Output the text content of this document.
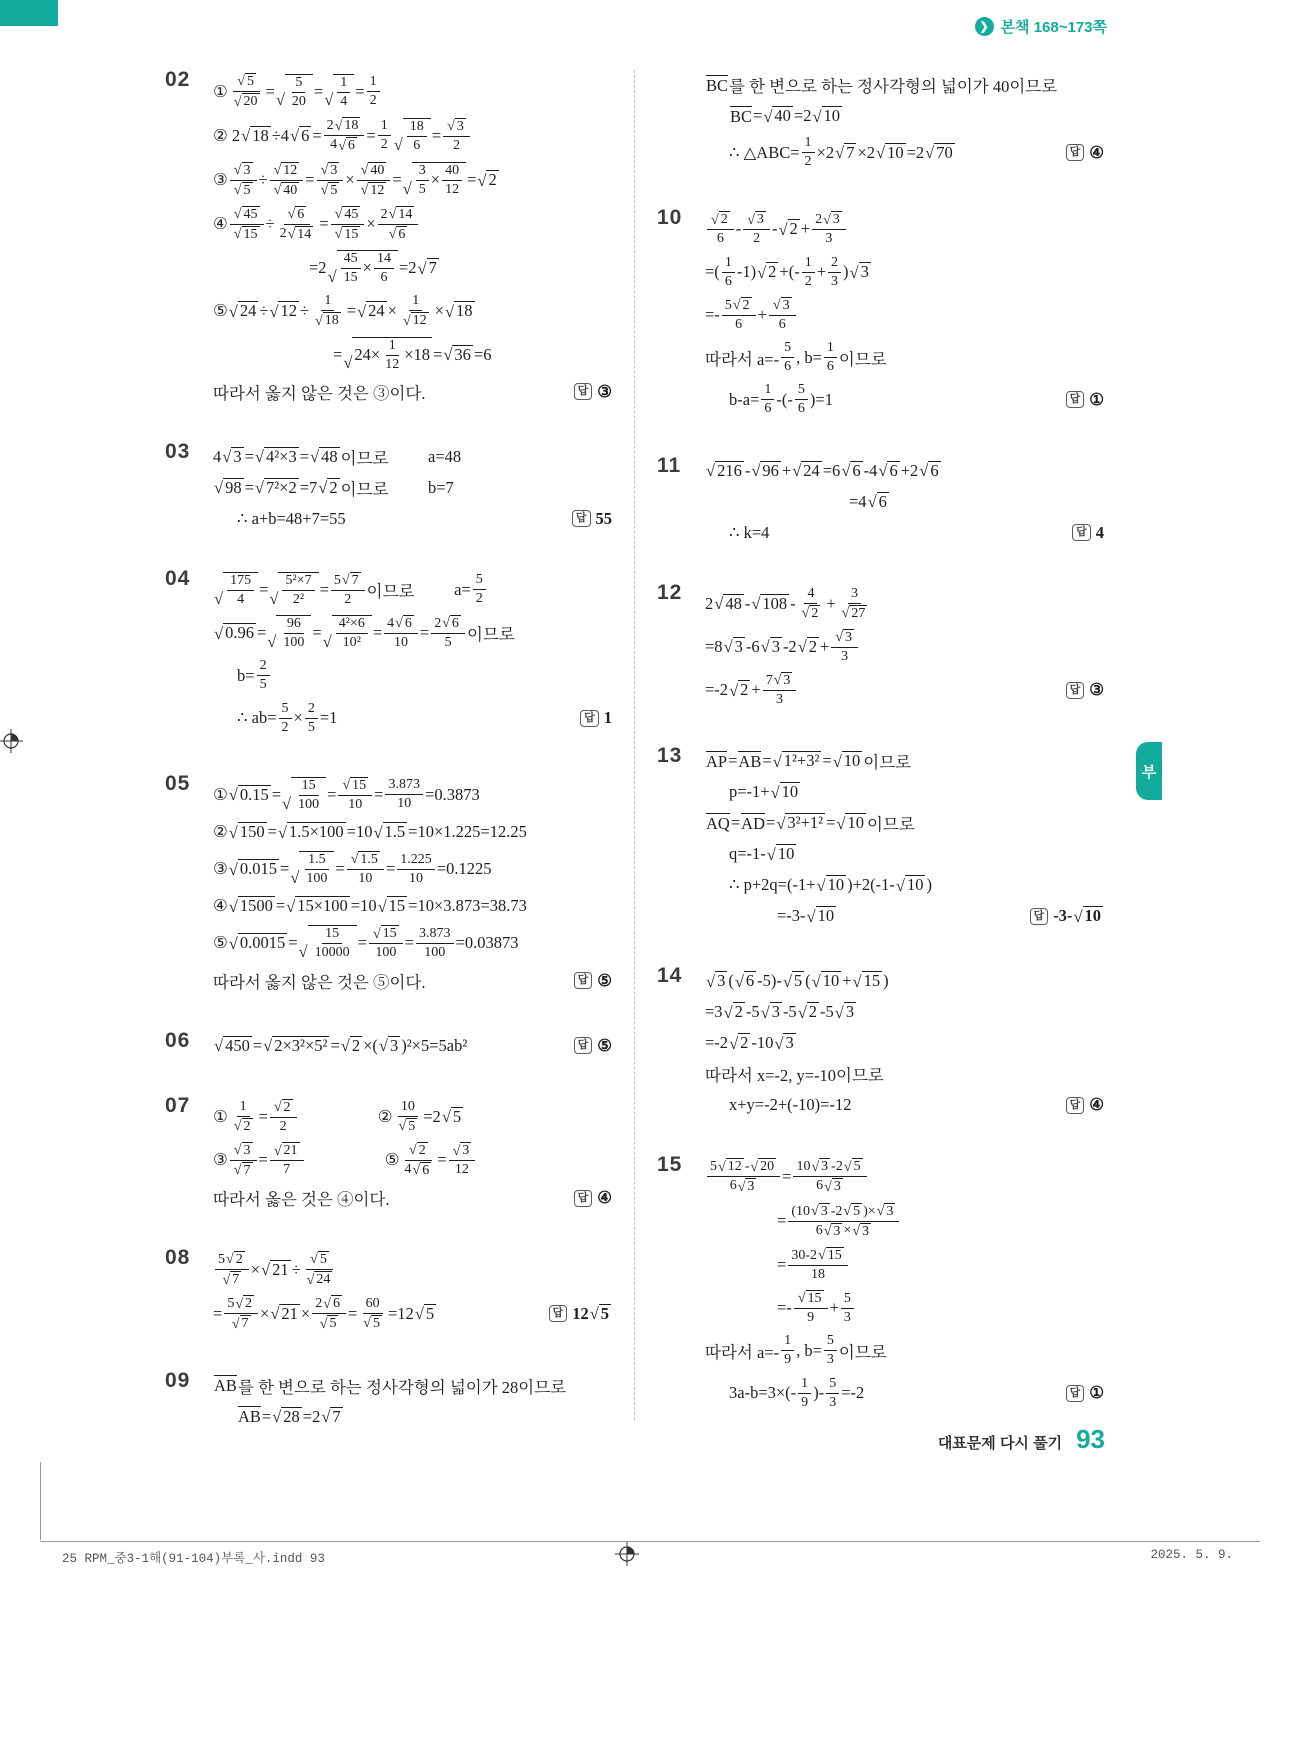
❯ 본책 168~173쪽
02
① $\frac{√ 5}{√ 20}$ = √ $\frac{5}{20}$ = √ $\frac{1}{4} = \frac{1}{2}$
② 2 √ 18 ÷4 √ $6 = \frac{2 √ 18}{4 √ 6} = \frac{1}{2}$ √ $\frac{18}{6} = \frac{√ 3}{2}$
③ $\frac{√ 3}{√ 5} \div \frac{√ 12}{√ 40} = \frac{√ 3}{√ 5} \times \frac{√ 40}{√ 12}$ = √ $\frac{3}{5} \times \frac{40}{12}$ = √ 2
④ $\frac{√ 45}{√ 15} \div \frac{√ 6}{2 √ 14} = \frac{√ 45}{√ 15} \times \frac{2 √ 14}{√ 6}$
=2 √ $\frac{45}{15} \times \frac{14}{6} =2$ √ 7
⑤ √ 24 ÷ √ $12 \div \frac{1}{√ 18}$ = √ $24 \times \frac{1}{√ 12}$ × √ 18
= √ $24\times \frac{1}{12} \times 18$ = √ 36 =6
따라서 옳지 않은 것은 ③이다.	답 ③
03	4 √ 3 = √ 4²×3 = √ 48 이므로
a=48
√ 98 = √ 7²×2 =7 √ 2 이므로
b=7
∴ a+b=48+7=55	답 55
04
√ $\frac{175}{4}$ = √ $\frac{\text{5²×7}}{\text{2²}} = \frac{5 √ 7}{2}$ 이므로
$a= \frac{5}{2}$
√ 0.96 = √ $\frac{96}{100}$ = √ $\frac{\text{4²×6}}{\text{10²}} = \frac{4 √ 6}{10} = \frac{2 √ 6}{5}$ 이므로
$b= \frac{2}{5}$
∴ $ab= \frac{5}{2} \times \frac{2}{5} =1$	답 1
05	① √ 0.15 = √ $\frac{15}{100} = \frac{√ 15}{10} = \frac{3.873}{10} =0.3873$
② √ 150 = √ 1.5×100 =10 √ 1.5 =10×1.225=12.25
③ √ 0.015 = √ $\frac{1.5}{100} = \frac{√ 1.5}{10} = \frac{1.225}{10} =0.1225$
④ √ 1500 = √ 15×100 =10 √ 15 =10×3.873=38.73
⑤ √ 0.0015 = √ $\frac{15}{10000} = \frac{√ 15}{100} = \frac{3.873}{100} =0.03873$
따라서 옳지 않은 것은 ⑤이다.	답 ⑤
06	√ 450 = √ 2×3²×5² = √ 2 ×( √ 3 )²×5=5ab²	답 ⑤
07	① $\frac{1}{√ 2} = \frac{√ 2}{2}$	② $\frac{10}{√ 5} =2$ √ 5
③ $\frac{√ 3}{√ 7} = \frac{√ 21}{7}$	⑤ $\frac{√ 2}{4 √ 6} = \frac{√ 3}{12}$
따라서 옳은 것은 ④이다.	답 ④
08	$\frac{5 √ 2}{√ 7}$ × √ $21 \div \frac{√ 5}{√ 24}$
= $\frac{5 √ 2}{√ 7}$ × √ $21 \times \frac{2 √ 6}{√ 5} = \frac{60}{√ 5} =12$ √ 5	답 12 √ 5
09	AB 를 한 변으로 하는 정사각형의 넓이가 28이므로
AB = √ 28 =2 √ 7
BC 를 한 변으로 하는 정사각형의 넓이가 40이므로
BC = √ 40 =2 √ 10
∴ △ABC= $\frac{1}{2} \times 2$ √ 7 ×2 √ 10 =2 √ 70	답 ④
10	$\frac{√ 2}{6} - \frac{√ 3}{2}$ - √ $2 + \frac{2 √ 3}{3}$
=( $\frac{1}{6} -1$) √ 2 +(- $\frac{1}{2} + \frac{2}{3}$ ) √ 3
=- $\frac{5 √ 2}{6} + \frac{√ 3}{6}$
따라서 $a=- \frac{5}{6}$ , $b= \frac{1}{6}$ 이므로
$b-a= \frac{1}{6}$ -(- $\frac{5}{6} )=1$	답 ①
11	√ 216 - √ 96 + √ 24 =6 √ 6 -4 √ 6 +2 √ 6
=4 √ 6
∴ k=4	답 4
12	2 √ 48 - √ $108 - \frac{4}{√ 2} + \frac{3}{√ 27}$
=8 √ 3 -6 √ 3 -2 √ $2 + \frac{√ 3}{3}$
=-2 √ $2 + \frac{7 √ 3}{3}$	답 ③
13	AP = AB = √ 1²+3² = √ 10 이므로
p=-1+ √ 10
AQ = AD = √ 3²+1² = √ 10 이므로
q=-1- √ 10
∴ p+2q=(-1+ √ 10 )+2(-1- √ 10 )
=-3- √ 10	답 -3- √ 10
14	√ 3 ( √ 6 -5)- √ 5 ( √ 10 + √ 15 )
=3 √ 2 -5 √ 3 -5 √ 2 -5 √ 3
=-2 √ 2 -10 √ 3
따라서 x=-2, y=-10이므로
x+y=-2+(-10)=-12	답 ④
15	$\frac{5 √ 12 - √ 20}{6 √ 3} = \frac{10 √ 3 -2 √ 5}{6 √ 3}$
= $\frac{(10 √ 3 -2 √ 5 )\times √ 3}{6 √ 3 \times √ 3}$
= $\frac{30-2 √ 15}{18}$
=- $\frac{√ 15}{9} + \frac{5}{3}$
따라서 $a=- \frac{1}{9}$ , $b= \frac{5}{3}$ 이므로
$3a-b=3\times(- \frac{1}{9}$ )- $\frac{5}{3} =-2$	답 ①
부
대표문제 다시 풀기 93
25 RPM_중3-1해(91-104)부록_사.indd 93	2025. 5. 9.
